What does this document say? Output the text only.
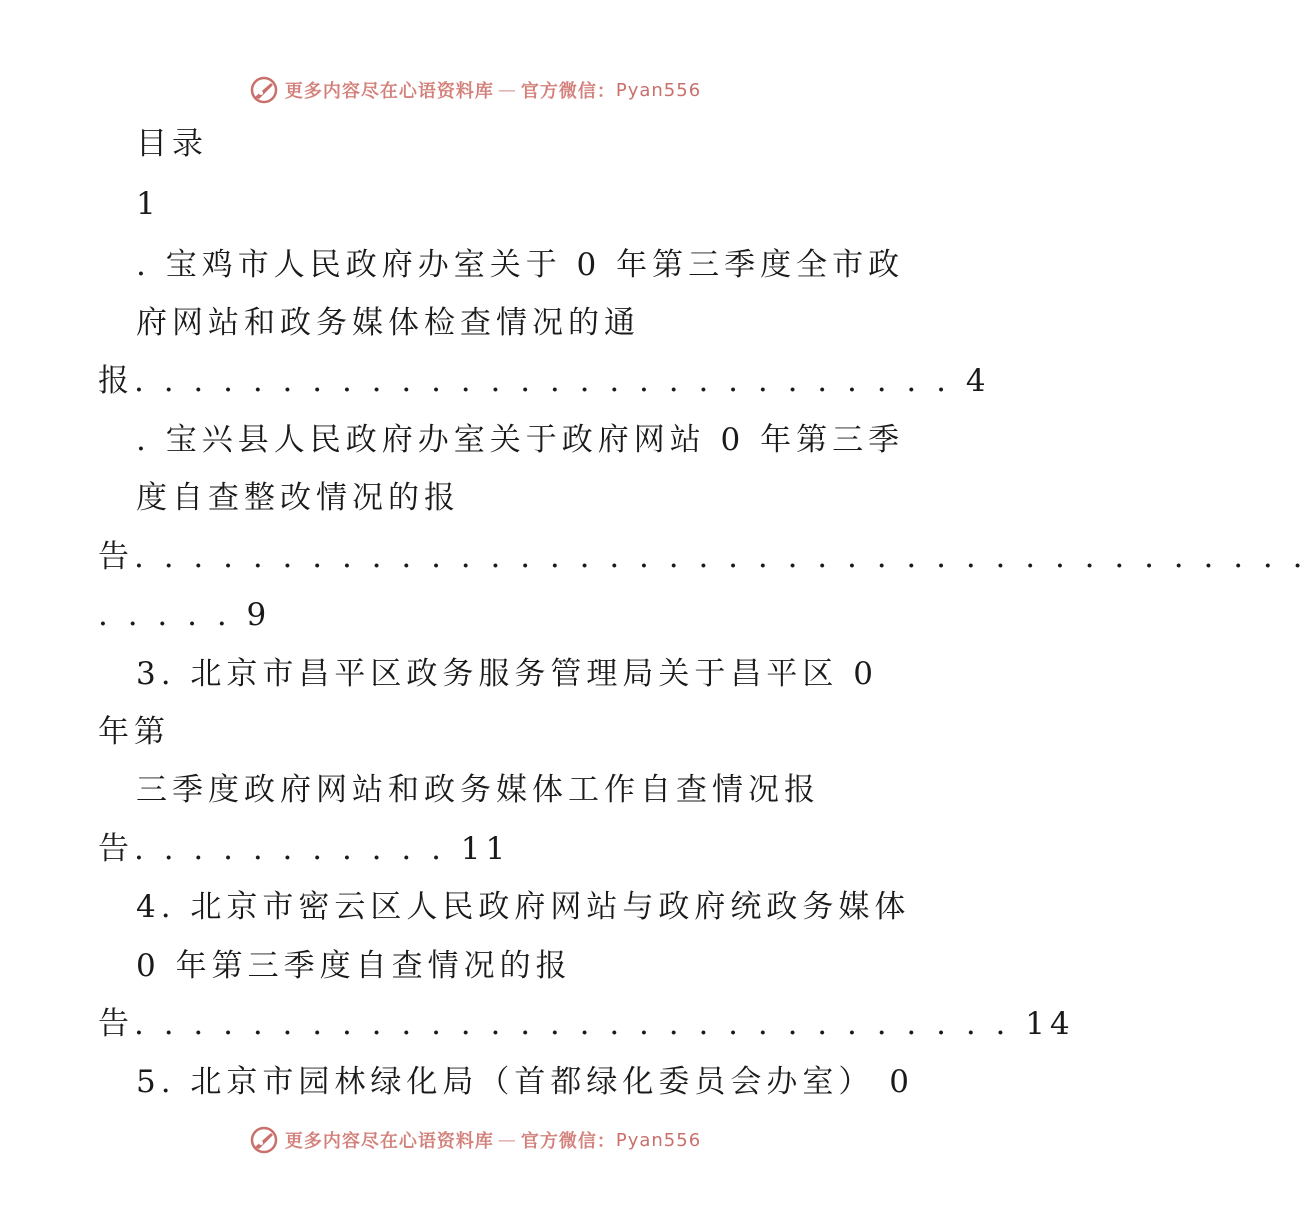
更多内容尽在心语资料库 — 官方微信： Pyan556
目录
1
. 宝鸡市人民政府办室关于 0 年第三季度全市政
府网站和政务媒体检查情况的通
报. . . . . . . . . . . . . . . . . . . . . . . . . . . . 4
. 宝兴县人民政府办室关于政府网站 0 年第三季
度自查整改情况的报
告. . . . . . . . . . . . . . . . . . . . . . . . . . . . . . . . . . . . . . . .
. . . . . 9
3. 北京市昌平区政务服务管理局关于昌平区 0
年第
三季度政府网站和政务媒体工作自查情况报
告. . . . . . . . . . . 11
4. 北京市密云区人民政府网站与政府统政务媒体
0 年第三季度自查情况的报
告. . . . . . . . . . . . . . . . . . . . . . . . . . . . . . 14
5. 北京市园林绿化局（首都绿化委员会办室） 0
更多内容尽在心语资料库 — 官方微信： Pyan556
